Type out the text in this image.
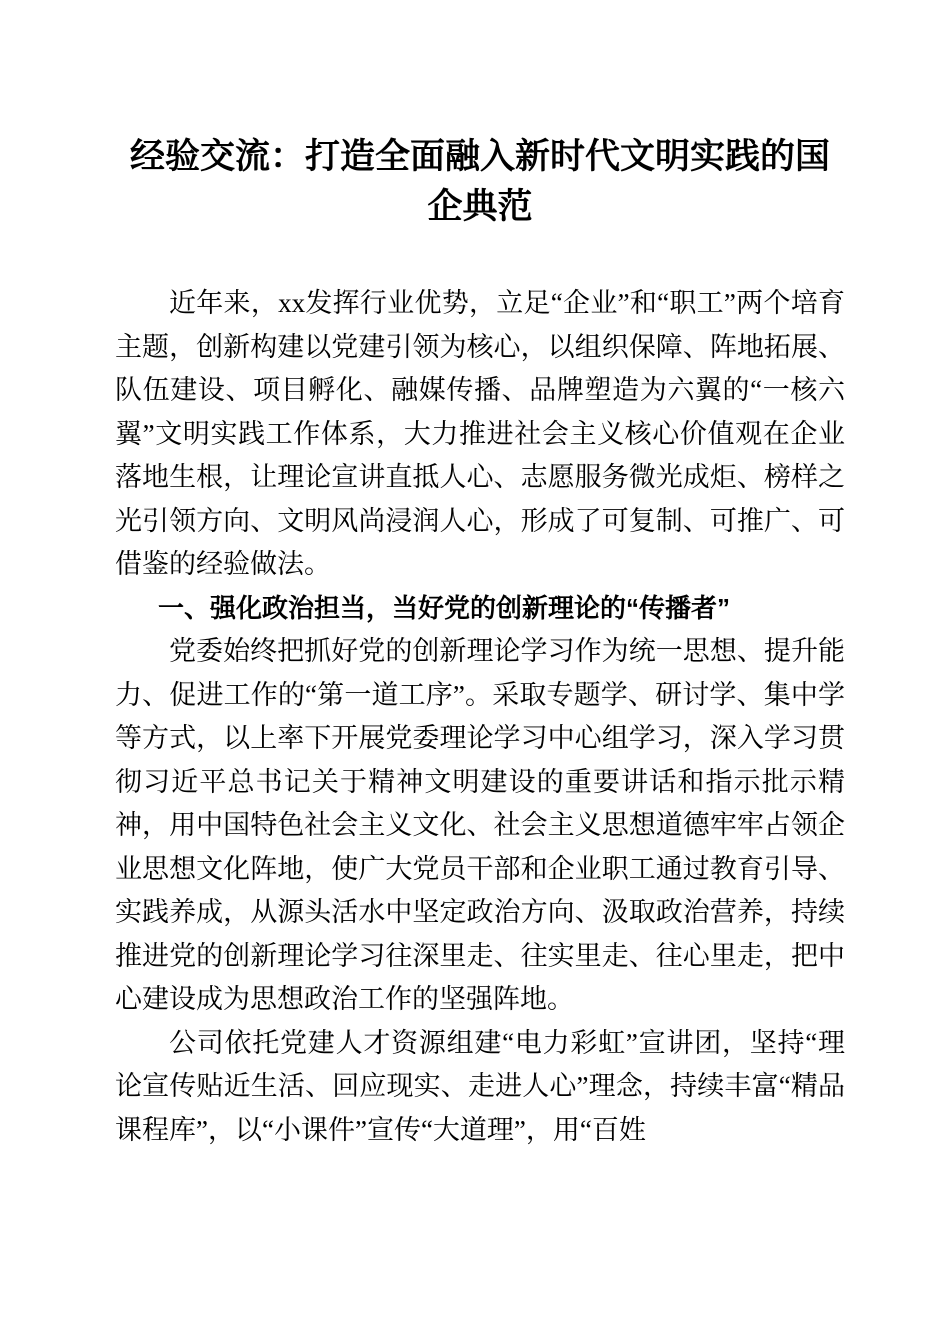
经验交流：打造全面融入新时代文明实践的国企典范

近年来，xx发挥行业优势，立足“企业”和“职工”两个培育主题，创新构建以党建引领为核心，以组织保障、阵地拓展、队伍建设、项目孵化、融媒传播、品牌塑造为六翼的“一核六翼”文明实践工作体系，大力推进社会主义核心价值观在企业落地生根，让理论宣讲直抵人心、志愿服务微光成炬、榜样之光引领方向、文明风尚浸润人心，形成了可复制、可推广、可借鉴的经验做法。

一、强化政治担当，当好党的创新理论的“传播者”

党委始终把抓好党的创新理论学习作为统一思想、提升能力、促进工作的“第一道工序”。采取专题学、研讨学、集中学等方式，以上率下开展党委理论学习中心组学习，深入学习贯彻习近平总书记关于精神文明建设的重要讲话和指示批示精神，用中国特色社会主义文化、社会主义思想道德牢牢占领企业思想文化阵地，使广大党员干部和企业职工通过教育引导、实践养成，从源头活水中坚定政治方向、汲取政治营养，持续推进党的创新理论学习往深里走、往实里走、往心里走，把中心建设成为思想政治工作的坚强阵地。

公司依托党建人才资源组建“电力彩虹”宣讲团，坚持“理论宣传贴近生活、回应现实、走进人心”理念，持续丰富“精品课程库”，以“小课件”宣传“大道理”，用“百姓
